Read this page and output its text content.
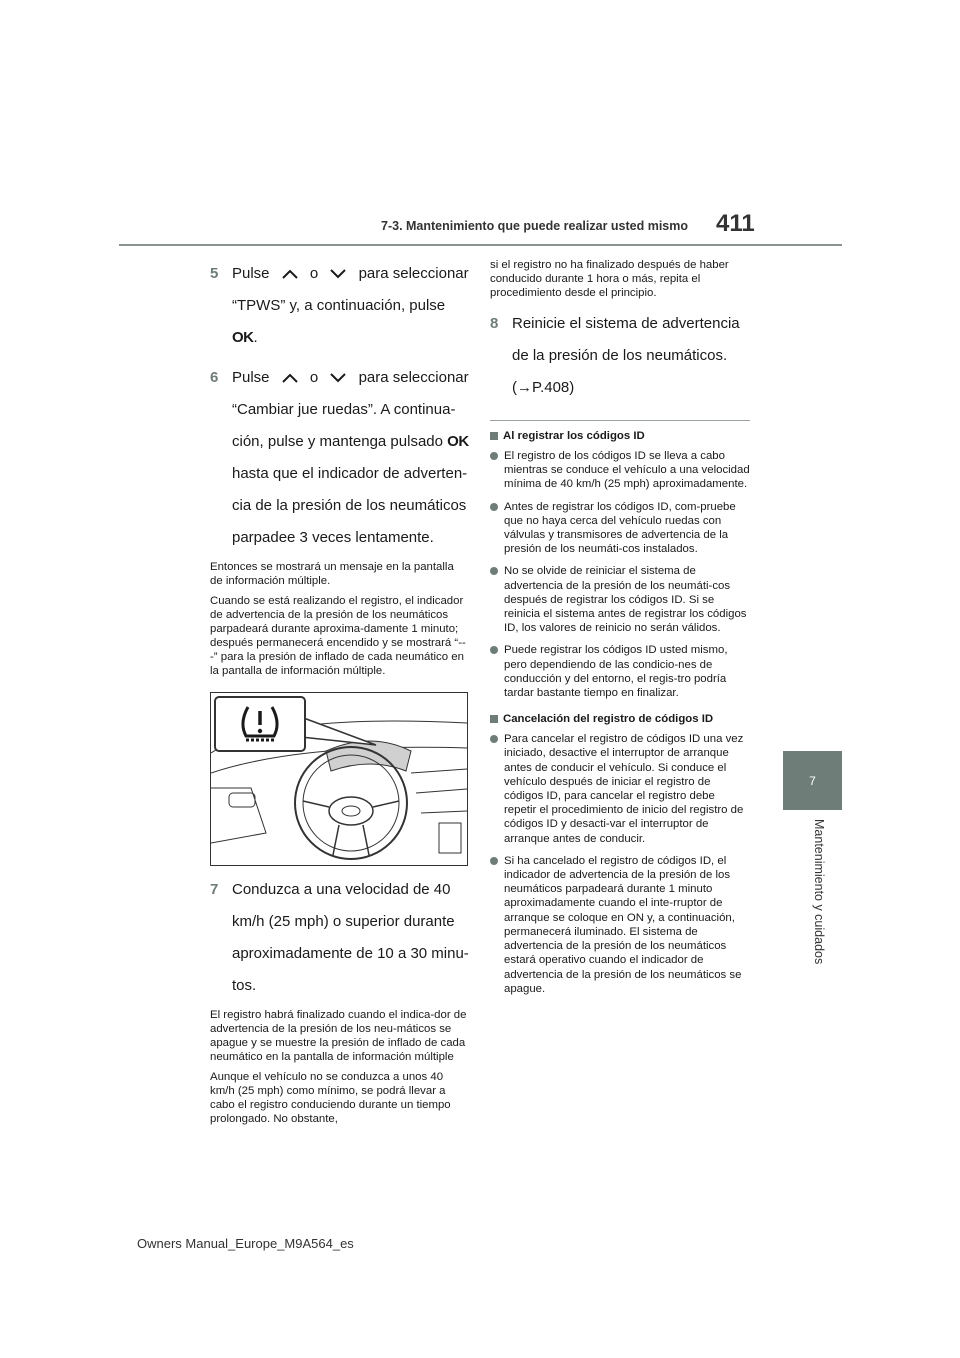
7-3. Mantenimiento que puede realizar usted mismo	411
7
Mantenimiento y cuidados
5 Pulse	o	para seleccionar
“TPWS” y, a continuación, pulse
OK.
6 Pulse	o	para seleccionar
“Cambiar jue ruedas”. A continua-
ción, pulse y mantenga pulsado OK
hasta que el indicador de adverten-
cia de la presión de los neumáticos
parpadee 3 veces lentamente.

Entonces se mostrará un mensaje en la pantalla de información múltiple.

Cuando se está realizando el registro, el indicador de advertencia de la presión de los neumáticos parpadeará durante aproxima-damente 1 minuto; después permanecerá encendido y se mostrará “---” para la presión de inflado de cada neumático en la pantalla de información múltiple.

7 Conduzca a una velocidad de 40
km/h (25 mph) o superior durante
aproximadamente de 10 a 30 minu-
tos.

El registro habrá finalizado cuando el indica-dor de advertencia de la presión de los neu-máticos se apague y se muestre la presión de inflado de cada neumático en la pantalla de información múltiple

Aunque el vehículo no se conduzca a unos 40 km/h (25 mph) como mínimo, se podrá llevar a cabo el registro conduciendo durante un tiempo prolongado. No obstante,

si el registro no ha finalizado después de haber conducido durante 1 hora o más, repita el procedimiento desde el principio.

8 Reinicie el sistema de advertencia
de la presión de los neumáticos.
(→P.408)
Al registrar los códigos ID
El registro de los códigos ID se lleva a cabo mientras se conduce el vehículo a una velocidad mínima de 40 km/h (25 mph) aproximadamente.
Antes de registrar los códigos ID, com-pruebe que no haya cerca del vehículo ruedas con válvulas y transmisores de advertencia de la presión de los neumáti-cos instalados.
No se olvide de reiniciar el sistema de advertencia de la presión de los neumáti-cos después de registrar los códigos ID. Si se reinicia el sistema antes de registrar los códigos ID, los valores de reinicio no serán válidos.
Puede registrar los códigos ID usted mismo, pero dependiendo de las condicio-nes de conducción y del entorno, el regis-tro podría tardar bastante tiempo en finalizar.
Cancelación del registro de códigos ID
Para cancelar el registro de códigos ID una vez iniciado, desactive el interruptor de arranque antes de conducir el vehículo. Si conduce el vehículo después de iniciar el registro de códigos ID, para cancelar el registro debe repetir el procedimiento de inicio del registro de códigos ID y desacti-var el interruptor de arranque antes de conducir.
Si ha cancelado el registro de códigos ID, el indicador de advertencia de la presión de los neumáticos parpadeará durante 1 minuto aproximadamente cuando el inte-rruptor de arranque se coloque en ON y, a continuación, permanecerá iluminado. El sistema de advertencia de la presión de los neumáticos estará operativo cuando el indicador de advertencia de la presión de los neumáticos se apague.
Owners Manual_Europe_M9A564_es
